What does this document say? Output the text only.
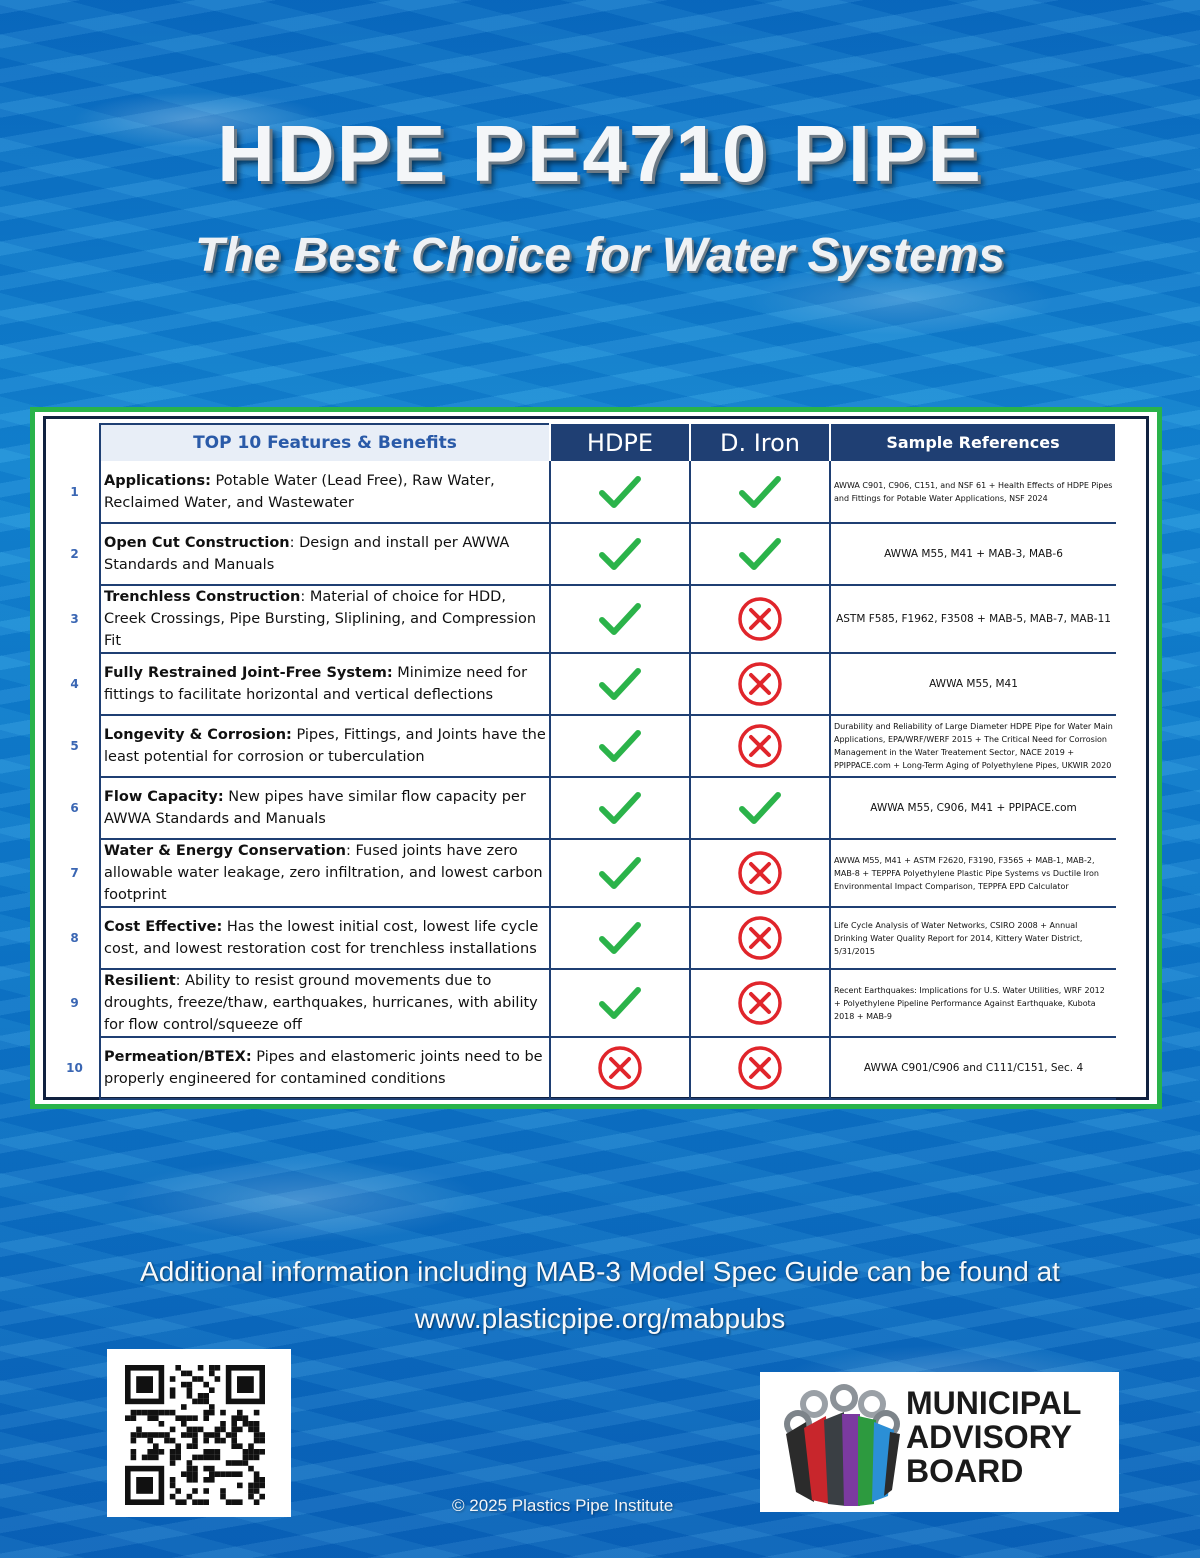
HDPE PE4710 PIPE
The Best Choice for Water Systems
	TOP 10 Features & Benefits	HDPE	D. Iron	Sample References
1	Applications: Potable Water (Lead Free), Raw Water, Reclaimed Water, and Wastewater			AWWA C901, C906, C151, and NSF 61 + Health Effects of HDPE Pipes and Fittings for Potable Water Applications, NSF 2024
2	Open Cut Construction: Design and install per AWWA Standards and Manuals			AWWA M55, M41 + MAB-3, MAB-6
3	Trenchless Construction: Material of choice for HDD, Creek Crossings, Pipe Bursting, Sliplining, and Compression Fit			ASTM F585, F1962, F3508 + MAB-5, MAB-7, MAB-11
4	Fully Restrained Joint-Free System: Minimize need for fittings to facilitate horizontal and vertical deflections			AWWA M55, M41
5	Longevity & Corrosion: Pipes, Fittings, and Joints have the least potential for corrosion or tuberculation			Durability and Reliability of Large Diameter HDPE Pipe for Water Main Applications, EPA/WRF/WERF 2015 + The Critical Need for Corrosion Management in the Water Treatement Sector, NACE 2019 + PPIPPACE.com + Long-Term Aging of Polyethylene Pipes, UKWIR 2020
6	Flow Capacity: New pipes have similar flow capacity per AWWA Standards and Manuals			AWWA M55, C906, M41 + PPIPACE.com
7	Water & Energy Conservation: Fused joints have zero allowable water leakage, zero infiltration, and lowest carbon footprint			AWWA M55, M41 + ASTM F2620, F3190, F3565 + MAB-1, MAB-2, MAB-8 + TEPPFA Polyethylene Plastic Pipe Systems vs Ductile Iron Environmental Impact Comparison, TEPPFA EPD Calculator
8	Cost Effective: Has the lowest initial cost, lowest life cycle cost, and lowest restoration cost for trenchless installations			Life Cycle Analysis of Water Networks, CSIRO 2008 + Annual Drinking Water Quality Report for 2014, Kittery Water District, 5/31/2015
9	Resilient: Ability to resist ground movements due to droughts, freeze/thaw, earthquakes, hurricanes, with ability for flow control/squeeze off			Recent Earthquakes: Implications for U.S. Water Utilities, WRF 2012 + Polyethylene Pipeline Performance Against Earthquake, Kubota 2018 + MAB-9
10	Permeation/BTEX: Pipes and elastomeric joints need to be properly engineered for contamined conditions			AWWA C901/C906 and C111/C151, Sec. 4
Additional information including MAB-3 Model Spec Guide can be found at
www.plasticpipe.org/mabpubs
© 2025 Plastics Pipe Institute
MUNICIPAL
ADVISORY
BOARD
